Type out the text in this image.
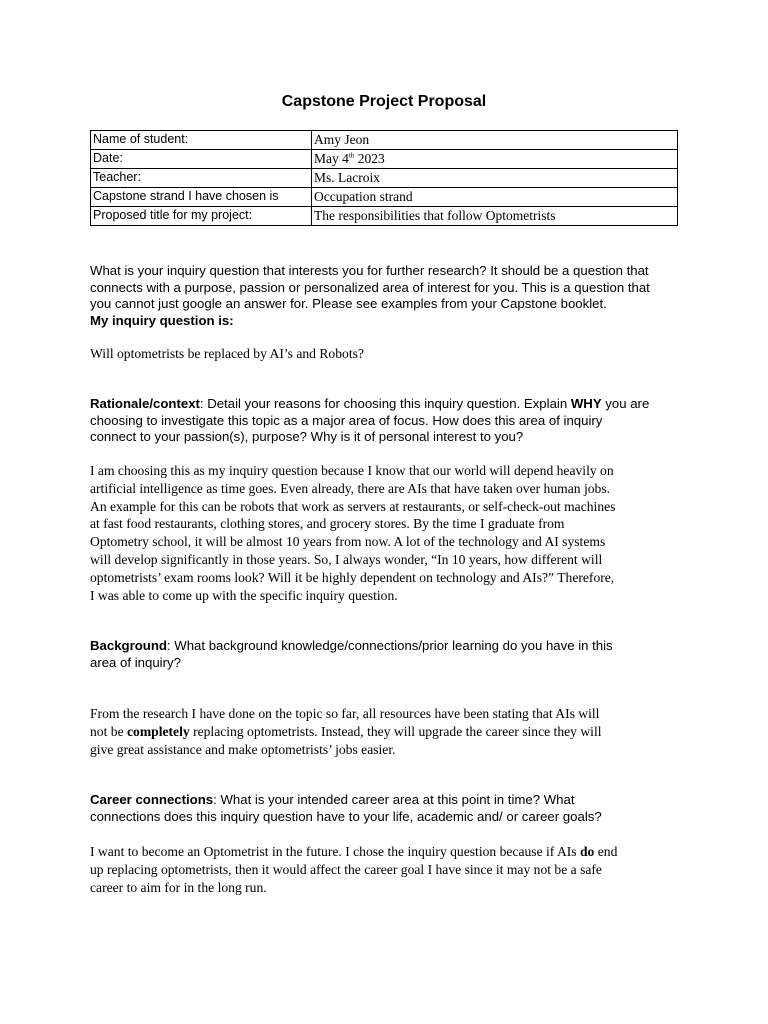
Capstone Project Proposal
Name of student:	Amy Jeon
Date:	May 4th 2023
Teacher:	Ms. Lacroix
Capstone strand I have chosen is	Occupation strand
Proposed title for my project:	The responsibilities that follow Optometrists
What is your inquiry question that interests you for further research? It should be a question that
connects with a purpose, passion or personalized area of interest for you. This is a question that
you cannot just google an answer for. Please see examples from your Capstone booklet.
My inquiry question is:
Will optometrists be replaced by AI’s and Robots?
Rationale/context: Detail your reasons for choosing this inquiry question. Explain WHY you are
choosing to investigate this topic as a major area of focus. How does this area of inquiry
connect to your passion(s), purpose? Why is it of personal interest to you?
I am choosing this as my inquiry question because I know that our world will depend heavily on
artificial intelligence as time goes. Even already, there are AIs that have taken over human jobs.
An example for this can be robots that work as servers at restaurants, or self-check-out machines
at fast food restaurants, clothing stores, and grocery stores. By the time I graduate from
Optometry school, it will be almost 10 years from now. A lot of the technology and AI systems
will develop significantly in those years. So, I always wonder, “In 10 years, how different will
optometrists’ exam rooms look? Will it be highly dependent on technology and AIs?” Therefore,
I was able to come up with the specific inquiry question.
Background: What background knowledge/connections/prior learning do you have in this
area of inquiry?
From the research I have done on the topic so far, all resources have been stating that AIs will
not be completely replacing optometrists. Instead, they will upgrade the career since they will
give great assistance and make optometrists’ jobs easier.
Career connections: What is your intended career area at this point in time? What
connections does this inquiry question have to your life, academic and/ or career goals?
I want to become an Optometrist in the future. I chose the inquiry question because if AIs do end
up replacing optometrists, then it would affect the career goal I have since it may not be a safe
career to aim for in the long run.
